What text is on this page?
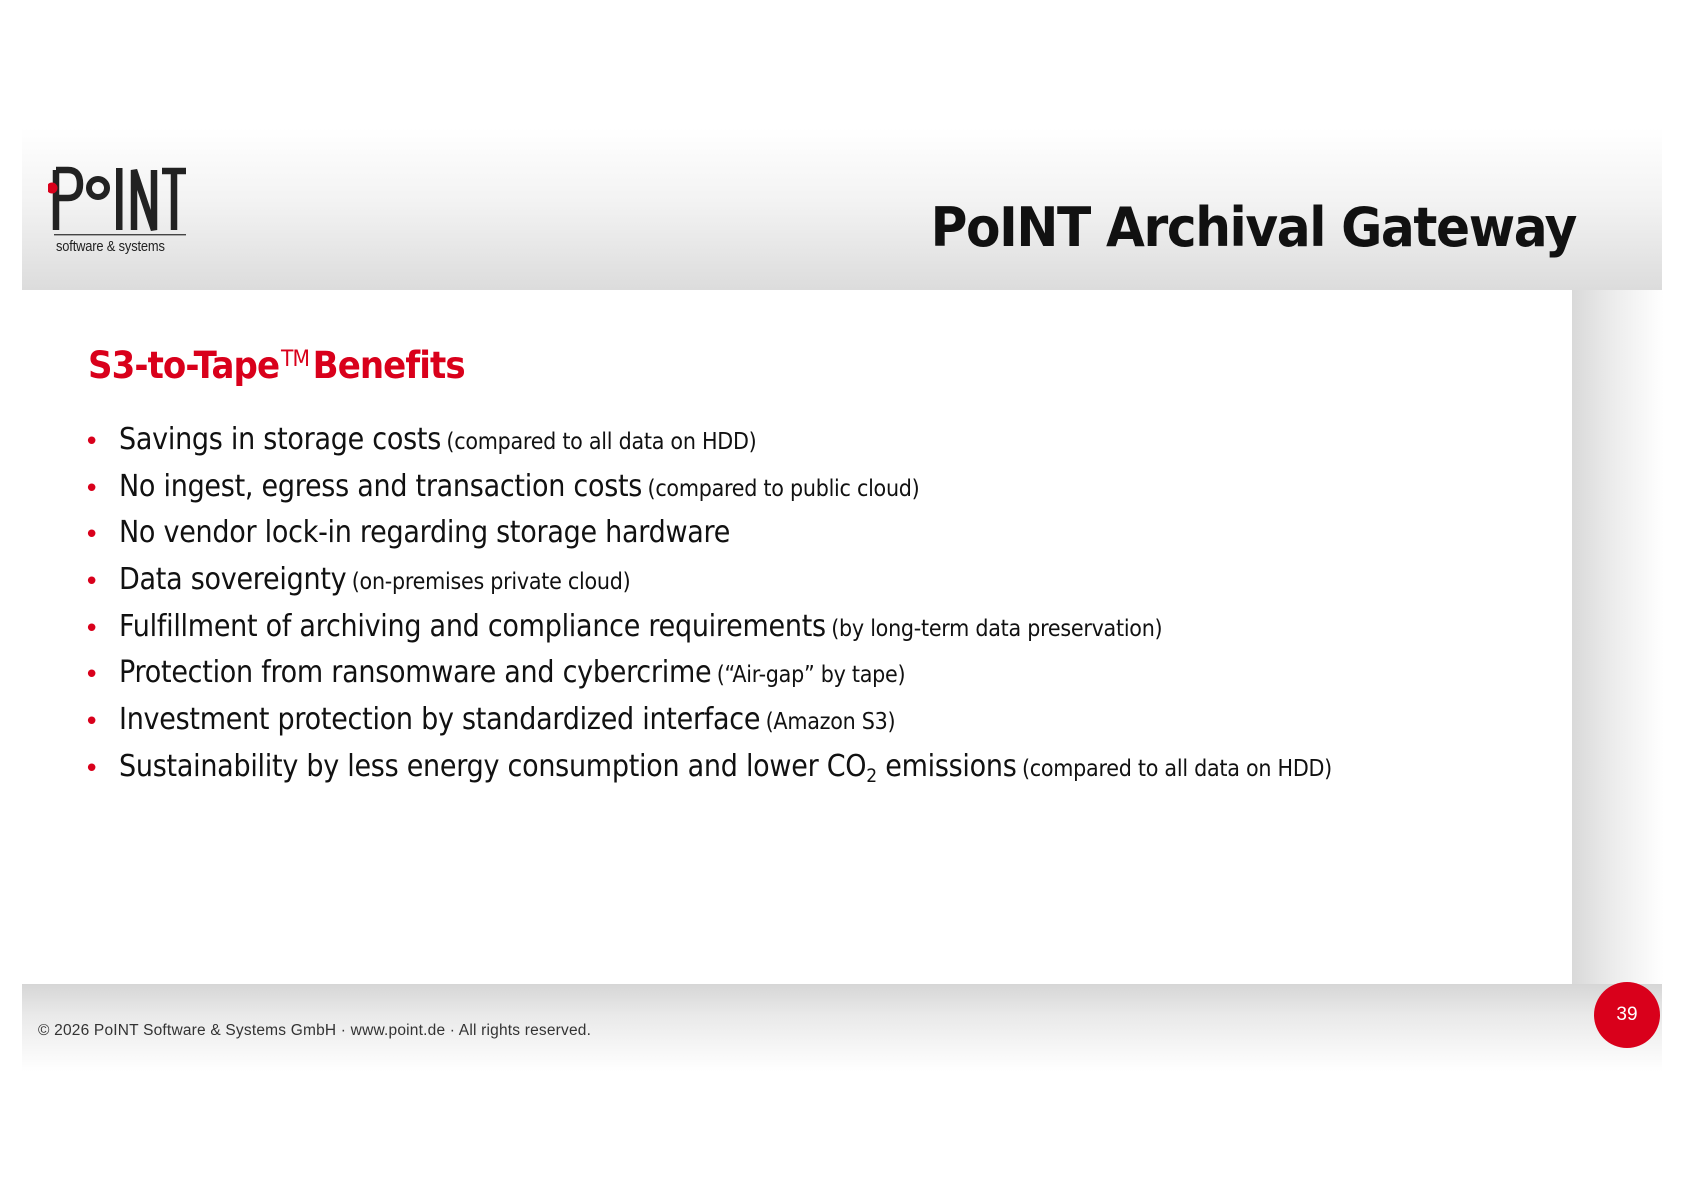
software & systems	PoINT Archival Gateway
S3-to-Tape™Benefits
• Savings in storage costs (compared to all data on HDD)
• No ingest, egress and transaction costs (compared to public cloud)
• No vendor lock-in regarding storage hardware
• Data sovereignty (on-premises private cloud)
• Fulfillment of archiving and compliance requirements (by long-term data preservation)
• Protection from ransomware and cybercrime (“Air-gap” by tape)
• Investment protection by standardized interface (Amazon S3)
• Sustainability by less energy consumption and lower $CO_2$ emissions (compared to all data on HDD)
© 2026 PoINT Software & Systems GmbH · www.point.de · All rights reserved.
39
